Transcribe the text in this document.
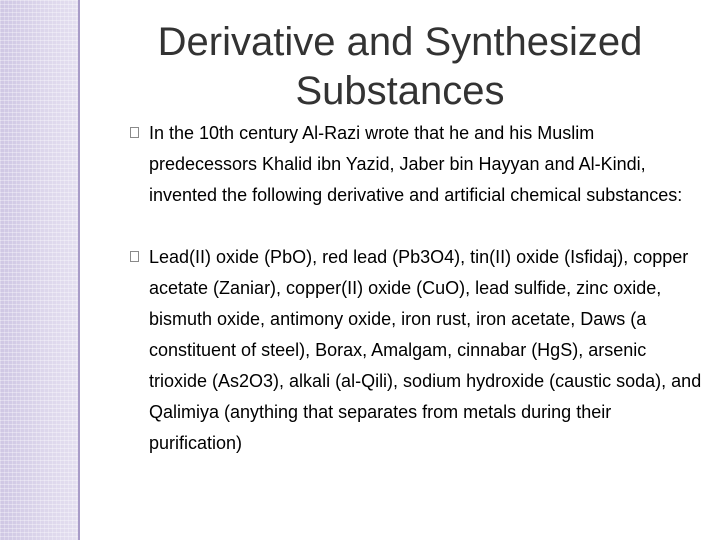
Derivative and Synthesized Substances
In the 10th century Al-Razi wrote that he and his Muslim predecessors Khalid ibn Yazid, Jaber bin Hayyan and Al-Kindi, invented the following derivative and artificial chemical substances:
Lead(II) oxide (PbO), red lead (Pb3O4), tin(II) oxide (Isfidaj), copper acetate (Zaniar), copper(II) oxide (CuO), lead sulfide, zinc oxide, bismuth oxide, antimony oxide, iron rust, iron acetate, Daws (a constituent of steel), Borax, Amalgam, cinnabar (HgS), arsenic trioxide (As2O3), alkali (al-Qili), sodium hydroxide (caustic soda), and Qalimiya (anything that separates from metals during their purification)
